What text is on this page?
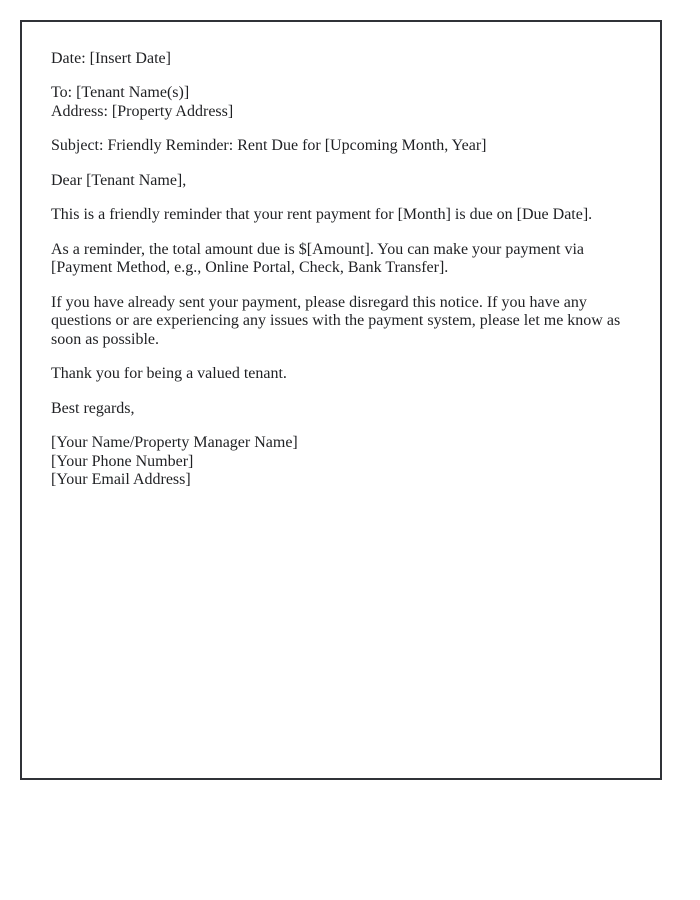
Date: [Insert Date]

To: [Tenant Name(s)]
Address: [Property Address]

Subject: Friendly Reminder: Rent Due for [Upcoming Month, Year]

Dear [Tenant Name],

This is a friendly reminder that your rent payment for [Month] is due on [Due Date].

As a reminder, the total amount due is $[Amount]. You can make your payment via [Payment Method, e.g., Online Portal, Check, Bank Transfer].

If you have already sent your payment, please disregard this notice. If you have any questions or are experiencing any issues with the payment system, please let me know as soon as possible.

Thank you for being a valued tenant.

Best regards,

[Your Name/Property Manager Name]
[Your Phone Number]
[Your Email Address]
